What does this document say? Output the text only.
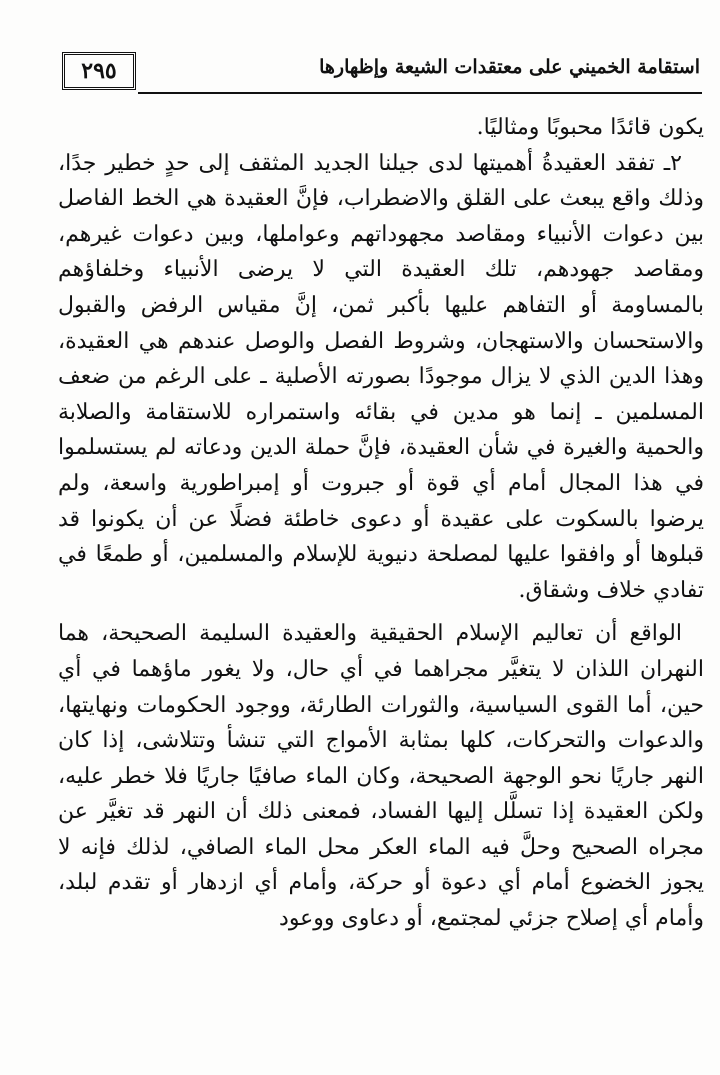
٢٩٥	استقامة الخميني على معتقدات الشيعة وإظهارها

يكون قائدًا محبوبًا ومثاليًا.

٢ـ تفقد العقيدةُ أهميتها لدى جيلنا الجديد المثقف إلى حدٍ خطير جدًا، وذلك واقع يبعث على القلق والاضطراب، فإنَّ العقيدة هي الخط الفاصل بين دعوات الأنبياء ومقاصد مجهوداتهم وعواملها، وبين دعوات غيرهم، ومقاصد جهودهم، تلك العقيدة التي لا يرضى الأنبياء وخلفاؤهم بالمساومة أو التفاهم عليها بأكبر ثمن، إنَّ مقياس الرفض والقبول والاستحسان والاستهجان، وشروط الفصل والوصل عندهم هي العقيدة، وهذا الدين الذي لا يزال موجودًا بصورته الأصلية ـ على الرغم من ضعف المسلمين ـ إنما هو مدين في بقائه واستمراره للاستقامة والصلابة والحمية والغيرة في شأن العقيدة، فإنَّ حملة الدين ودعاته لم يستسلموا في هذا المجال أمام أي قوة أو جبروت أو إمبراطورية واسعة، ولم يرضوا بالسكوت على عقيدة أو دعوى خاطئة فضلًا عن أن يكونوا قد قبلوها أو وافقوا عليها لمصلحة دنيوية للإسلام والمسلمين، أو طمعًا في تفادي خلاف وشقاق.

الواقع أن تعاليم الإسلام الحقيقية والعقيدة السليمة الصحيحة، هما النهران اللذان لا يتغيَّر مجراهما في أي حال، ولا يغور ماؤهما في أي حين، أما القوى السياسية، والثورات الطارئة، ووجود الحكومات ونهايتها، والدعوات والتحركات، كلها بمثابة الأمواج التي تنشأ وتتلاشى، إذا كان النهر جاريًا نحو الوجهة الصحيحة، وكان الماء صافيًا جاريًا فلا خطر عليه، ولكن العقيدة إذا تسلَّل إليها الفساد، فمعنى ذلك أن النهر قد تغيَّر عن مجراه الصحيح وحلَّ فيه الماء العكر محل الماء الصافي، لذلك فإنه لا يجوز الخضوع أمام أي دعوة أو حركة، وأمام أي ازدهار أو تقدم لبلد، وأمام أي إصلاح جزئي لمجتمع، أو دعاوى ووعود
